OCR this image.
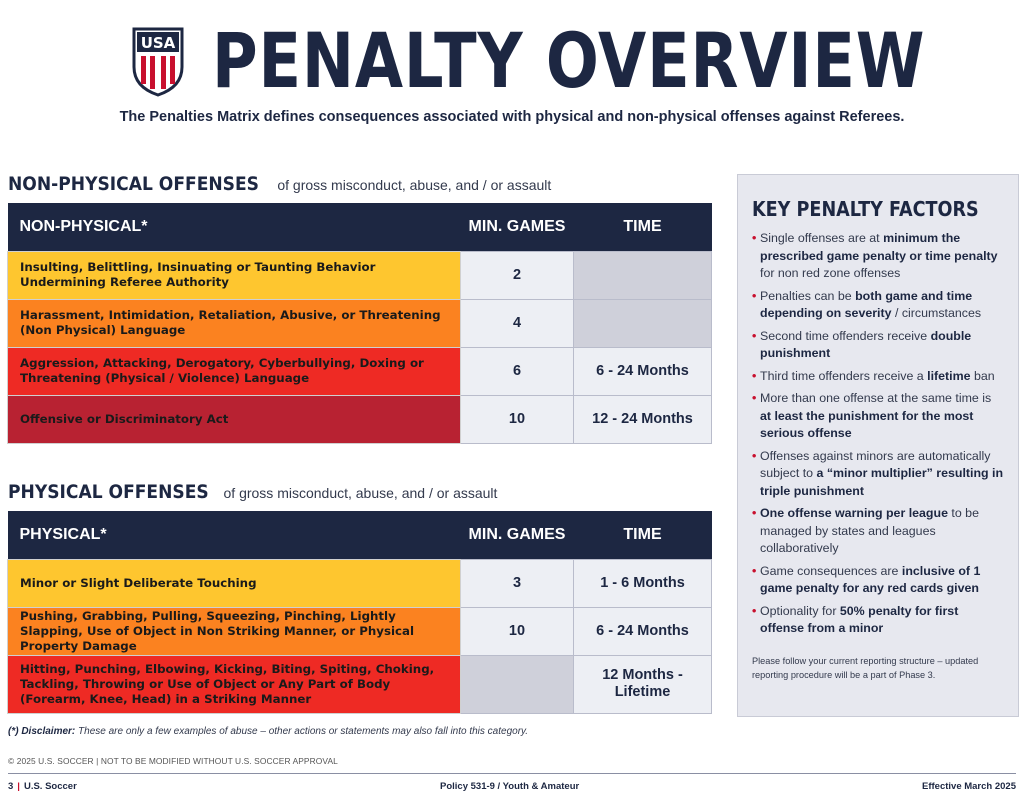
USA PENALTY OVERVIEW
The Penalties Matrix defines consequences associated with physical and non-physical offenses against Referees.
NON-PHYSICAL OFFENSES of gross misconduct, abuse, and / or assault
NON-PHYSICAL*	MIN. GAMES	TIME
Insulting, Belittling, Insinuating or Taunting Behavior Undermining Referee Authority	2	
Harassment, Intimidation, Retaliation, Abusive, or Threatening (Non Physical) Language	4	
Aggression, Attacking, Derogatory, Cyberbullying, Doxing or Threatening (Physical / Violence) Language	6	6 - 24 Months
Offensive or Discriminatory Act	10	12 - 24 Months
PHYSICAL OFFENSES of gross misconduct, abuse, and / or assault
PHYSICAL*	MIN. GAMES	TIME
Minor or Slight Deliberate Touching	3	1 - 6 Months
Pushing, Grabbing, Pulling, Squeezing, Pinching, Lightly Slapping, Use of Object in Non Striking Manner, or Physical Property Damage	10	6 - 24 Months
Hitting, Punching, Elbowing, Kicking, Biting, Spiting, Choking, Tackling, Throwing or Use of Object or Any Part of Body (Forearm, Knee, Head) in a Striking Manner		12 Months - Lifetime
KEY PENALTY FACTORS
• Single offenses are at minimum the prescribed game penalty or time penalty for non red zone offenses
• Penalties can be both game and time depending on severity / circumstances
• Second time offenders receive double punishment
• Third time offenders receive a lifetime ban
• More than one offense at the same time is at least the punishment for the most serious offense
• Offenses against minors are automatically subject to a “minor multiplier” resulting in triple punishment
• One offense warning per league to be managed by states and leagues collaboratively
• Game consequences are inclusive of 1 game penalty for any red cards given
• Optionality for 50% penalty for first offense from a minor
Please follow your current reporting structure – updated reporting procedure will be a part of Phase 3.
(*) Disclaimer: These are only a few examples of abuse – other actions or statements may also fall into this category.
© 2025 U.S. SOCCER | NOT TO BE MODIFIED WITHOUT U.S. SOCCER APPROVAL
3 | U.S. Soccer	Policy 531-9 / Youth & Amateur	Effective March 2025
